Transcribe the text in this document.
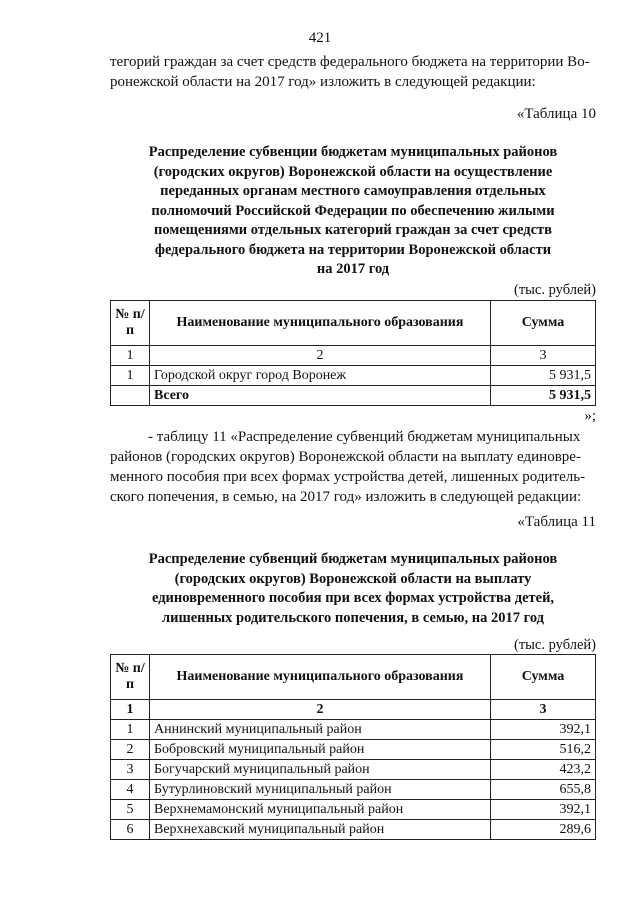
421
тегорий граждан за счет средств федерального бюджета на территории Во-
ронежской области на 2017 год» изложить в следующей редакции:
«Таблица 10
Распределение субвенции бюджетам муниципальных районов
(городских округов) Воронежской области на осуществление
переданных органам местного самоуправления отдельных
полномочий Российской Федерации по обеспечению жилыми
помещениями отдельных категорий граждан за счет средств
федерального бюджета на территории Воронежской области
на 2017 год
(тыс. рублей)
№ п/п	Наименование муниципального образования	Сумма
1	2	3
1	Городской округ город Воронеж	5 931,5
	Всего	5 931,5
»;
- таблицу 11 «Распределение субвенций бюджетам муниципальных
районов (городских округов) Воронежской области на выплату единовре-
менного пособия при всех формах устройства детей, лишенных родитель-
ского попечения, в семью, на 2017 год» изложить в следующей редакции:
«Таблица 11
Распределение субвенций бюджетам муниципальных районов
(городских округов) Воронежской области на выплату
единовременного пособия при всех формах устройства детей,
лишенных родительского попечения, в семью, на 2017 год
(тыс. рублей)
№ п/п	Наименование муниципального образования	Сумма
1	2	3
1	Аннинский муниципальный район	392,1
2	Бобровский муниципальный район	516,2
3	Богучарский муниципальный район	423,2
4	Бутурлиновский муниципальный район	655,8
5	Верхнемамонский муниципальный район	392,1
6	Верхнехавский муниципальный район	289,6
